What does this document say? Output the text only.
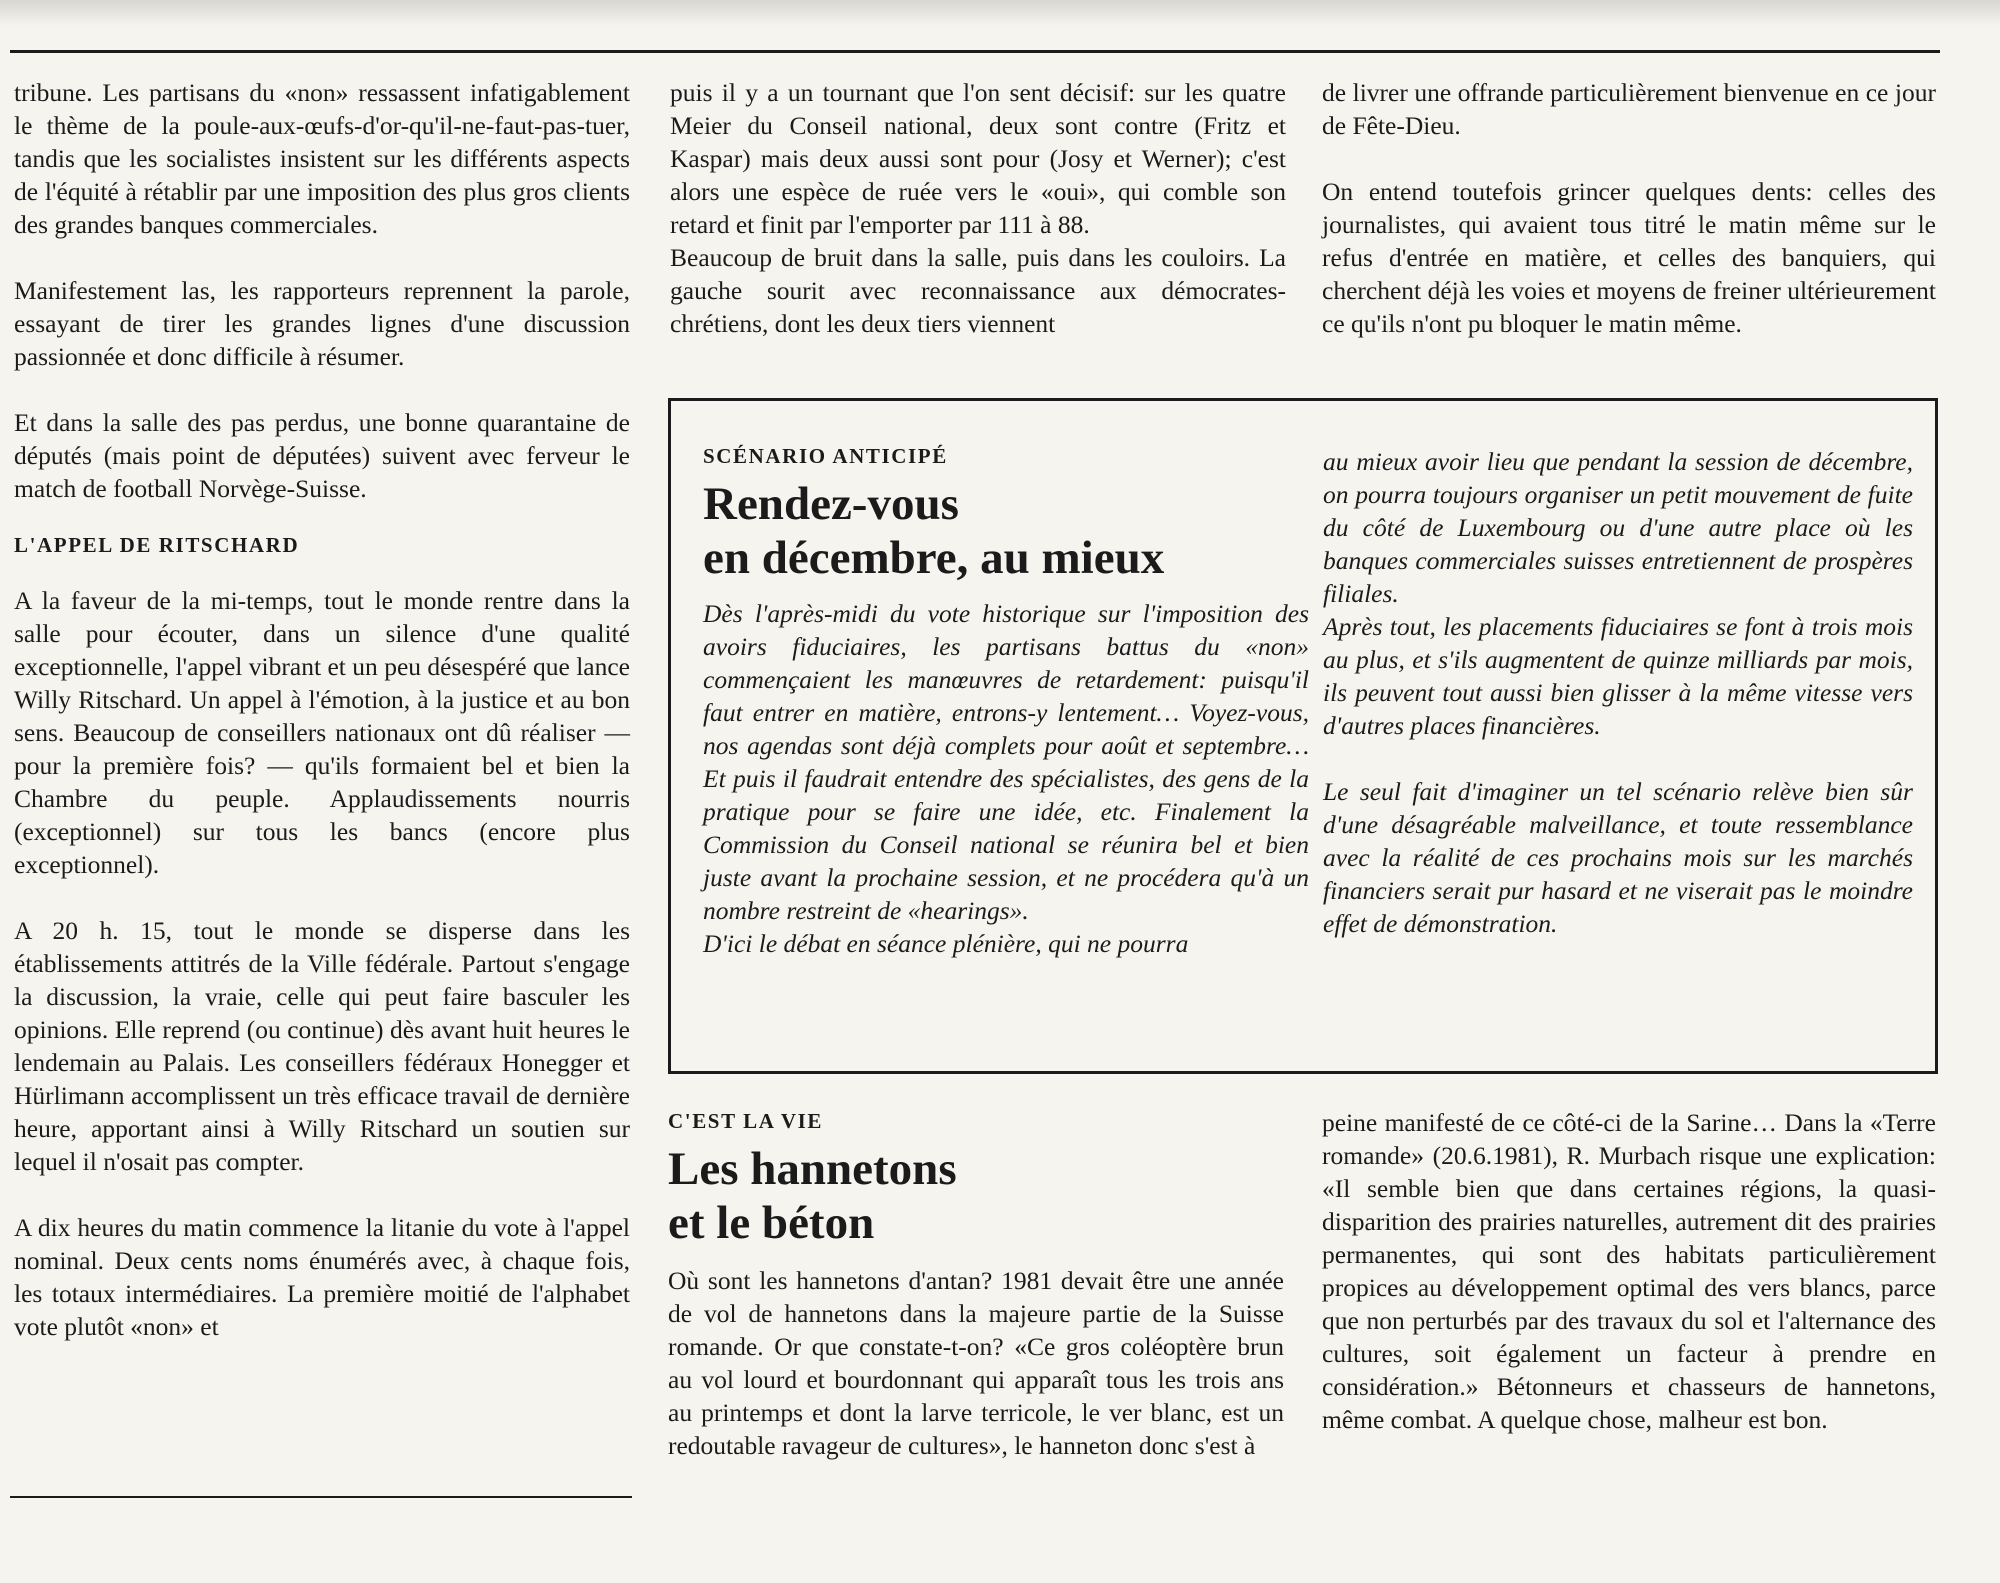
tribune. Les partisans du «non» ressassent infatigablement le thème de la poule-aux-œufs-d'or-qu'il-ne-faut-pas-tuer, tandis que les socialistes insistent sur les différents aspects de l'équité à rétablir par une imposition des plus gros clients des grandes banques commerciales.

Manifestement las, les rapporteurs reprennent la parole, essayant de tirer les grandes lignes d'une discussion passionnée et donc difficile à résumer.

Et dans la salle des pas perdus, une bonne quarantaine de députés (mais point de députées) suivent avec ferveur le match de football Norvège-Suisse.

L'APPEL DE RITSCHARD

A la faveur de la mi-temps, tout le monde rentre dans la salle pour écouter, dans un silence d'une qualité exceptionnelle, l'appel vibrant et un peu désespéré que lance Willy Ritschard. Un appel à l'émotion, à la justice et au bon sens. Beaucoup de conseillers nationaux ont dû réaliser — pour la première fois? — qu'ils formaient bel et bien la Chambre du peuple. Applaudissements nourris (exceptionnel) sur tous les bancs (encore plus exceptionnel).

A 20 h. 15, tout le monde se disperse dans les établissements attitrés de la Ville fédérale. Partout s'engage la discussion, la vraie, celle qui peut faire basculer les opinions. Elle reprend (ou continue) dès avant huit heures le lendemain au Palais. Les conseillers fédéraux Honegger et Hürlimann accomplissent un très efficace travail de dernière heure, apportant ainsi à Willy Ritschard un soutien sur lequel il n'osait pas compter.

A dix heures du matin commence la litanie du vote à l'appel nominal. Deux cents noms énumérés avec, à chaque fois, les totaux intermédiaires. La première moitié de l'alphabet vote plutôt «non» et

puis il y a un tournant que l'on sent décisif: sur les quatre Meier du Conseil national, deux sont contre (Fritz et Kaspar) mais deux aussi sont pour (Josy et Werner); c'est alors une espèce de ruée vers le «oui», qui comble son retard et finit par l'emporter par 111 à 88.

Beaucoup de bruit dans la salle, puis dans les couloirs. La gauche sourit avec reconnaissance aux démocrates-chrétiens, dont les deux tiers viennent

de livrer une offrande particulièrement bienvenue en ce jour de Fête-Dieu.

On entend toutefois grincer quelques dents: celles des journalistes, qui avaient tous titré le matin même sur le refus d'entrée en matière, et celles des banquiers, qui cherchent déjà les voies et moyens de freiner ultérieurement ce qu'ils n'ont pu bloquer le matin même.

SCÉNARIO ANTICIPÉ
Rendez-vous
en décembre, au mieux

Dès l'après-midi du vote historique sur l'imposition des avoirs fiduciaires, les partisans battus du «non» commençaient les manœuvres de retardement: puisqu'il faut entrer en matière, entrons-y lentement… Voyez-vous, nos agendas sont déjà complets pour août et septembre… Et puis il faudrait entendre des spécialistes, des gens de la pratique pour se faire une idée, etc. Finalement la Commission du Conseil national se réunira bel et bien juste avant la prochaine session, et ne procédera qu'à un nombre restreint de «hearings».

D'ici le débat en séance plénière, qui ne pourra

au mieux avoir lieu que pendant la session de décembre, on pourra toujours organiser un petit mouvement de fuite du côté de Luxembourg ou d'une autre place où les banques commerciales suisses entretiennent de prospères filiales.

Après tout, les placements fiduciaires se font à trois mois au plus, et s'ils augmentent de quinze milliards par mois, ils peuvent tout aussi bien glisser à la même vitesse vers d'autres places financières.

Le seul fait d'imaginer un tel scénario relève bien sûr d'une désagréable malveillance, et toute ressemblance avec la réalité de ces prochains mois sur les marchés financiers serait pur hasard et ne viserait pas le moindre effet de démonstration.

C'EST LA VIE
Les hannetons
et le béton

Où sont les hannetons d'antan? 1981 devait être une année de vol de hannetons dans la majeure partie de la Suisse romande. Or que constate-t-on? «Ce gros coléoptère brun au vol lourd et bourdonnant qui apparaît tous les trois ans au printemps et dont la larve terricole, le ver blanc, est un redoutable ravageur de cultures», le hanneton donc s'est à

peine manifesté de ce côté-ci de la Sarine… Dans la «Terre romande» (20.6.1981), R. Murbach risque une explication: «Il semble bien que dans certaines régions, la quasi-disparition des prairies naturelles, autrement dit des prairies permanentes, qui sont des habitats particulièrement propices au développement optimal des vers blancs, parce que non perturbés par des travaux du sol et l'alternance des cultures, soit également un facteur à prendre en considération.» Bétonneurs et chasseurs de hannetons, même combat. A quelque chose, malheur est bon.
